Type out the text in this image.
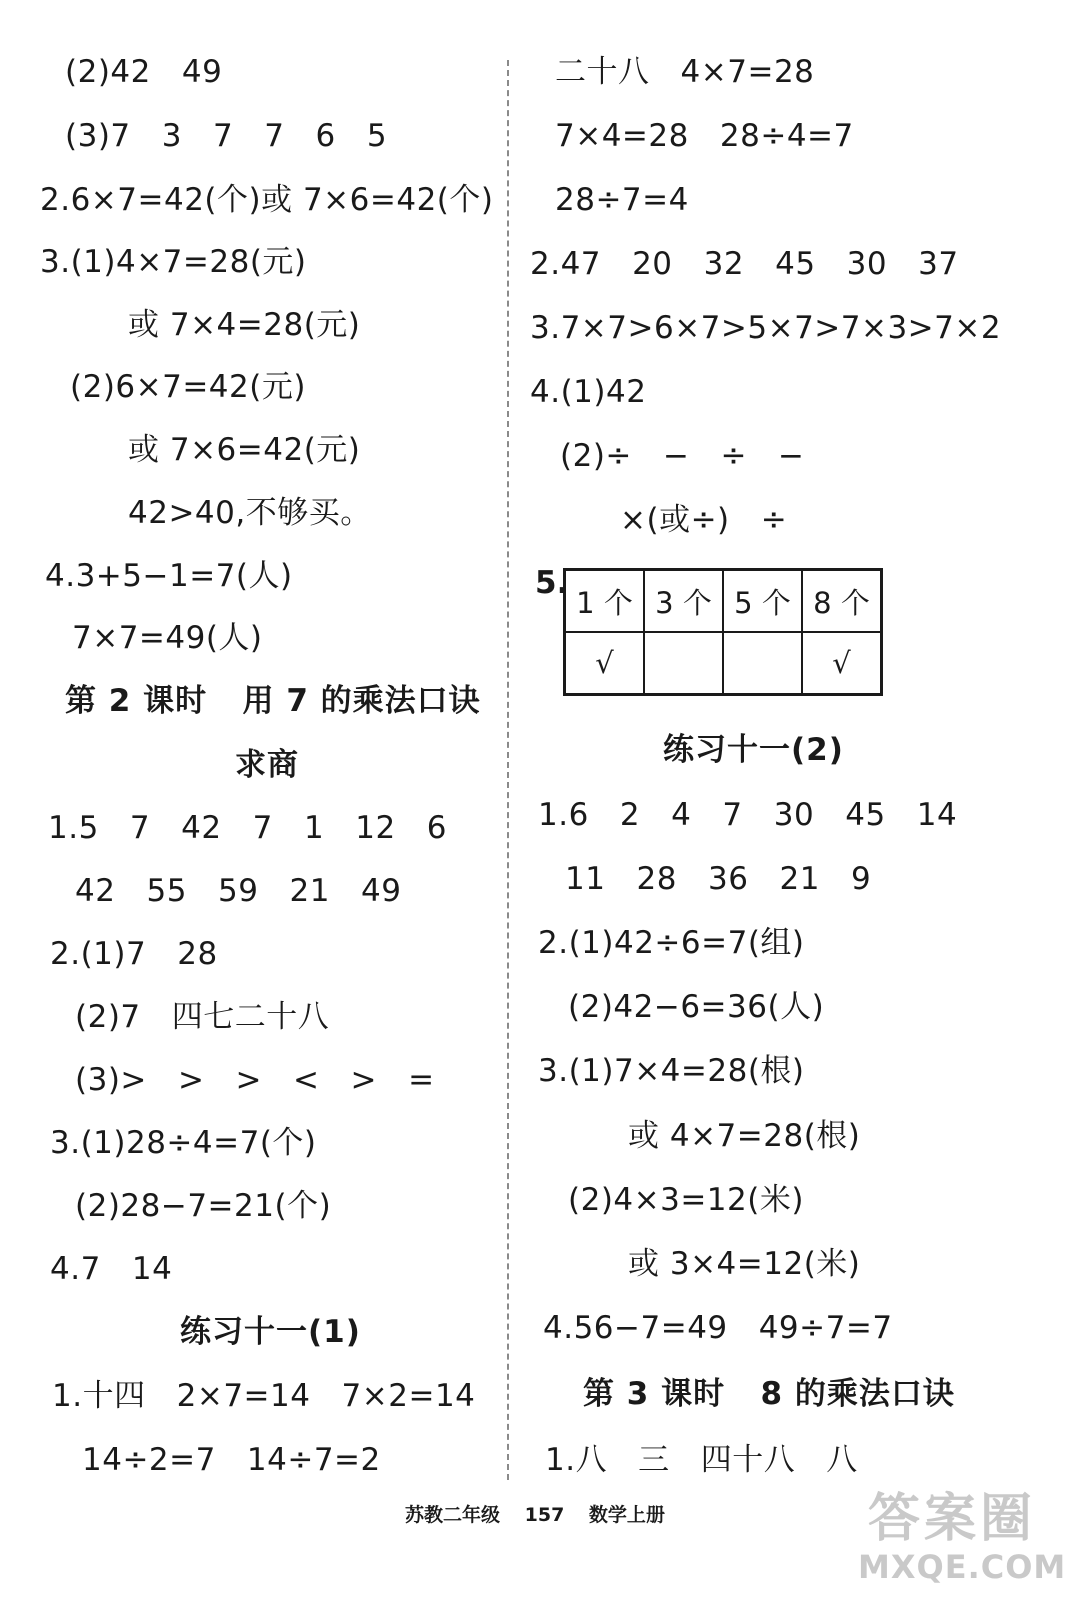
(2)42   49
(3)7   3   7   7   6   5
2.6×7=42(个)或 7×6=42(个)
3.(1)4×7=28(元)
或 7×4=28(元)
(2)6×7=42(元)
或 7×6=42(元)
42>40,不够买。
4.3+5−1=7(人)
7×7=49(人)
第 2 课时   用 7 的乘法口诀
求商
1.5   7   42   7   1   12   6
42   55   59   21   49
2.(1)7   28
(2)7   四七二十八
(3)>   >   >   <   >   =
3.(1)28÷4=7(个)
(2)28−7=21(个)
4.7   14
练习十一(1)
1.十四   2×7=14   7×2=14
14÷2=7   14÷7=2
二十八   4×7=28
7×4=28   28÷4=7
28÷7=4
2.47   20   32   45   30   37
3.7×7>6×7>5×7>7×3>7×2
4.(1)42
(2)÷   −   ÷   −
×(或÷)   ÷
5.
1 个	3 个	5 个	8 个
√			√
练习十一(2)
1.6   2   4   7   30   45   14
11   28   36   21   9
2.(1)42÷6=7(组)
(2)42−6=36(人)
3.(1)7×4=28(根)
或 4×7=28(根)
(2)4×3=12(米)
或 3×4=12(米)
4.56−7=49   49÷7=7
第 3 课时   8 的乘法口诀
1.八   三   四十八   八
苏教二年级 157 数学上册	答案圈
MXQE.COM
